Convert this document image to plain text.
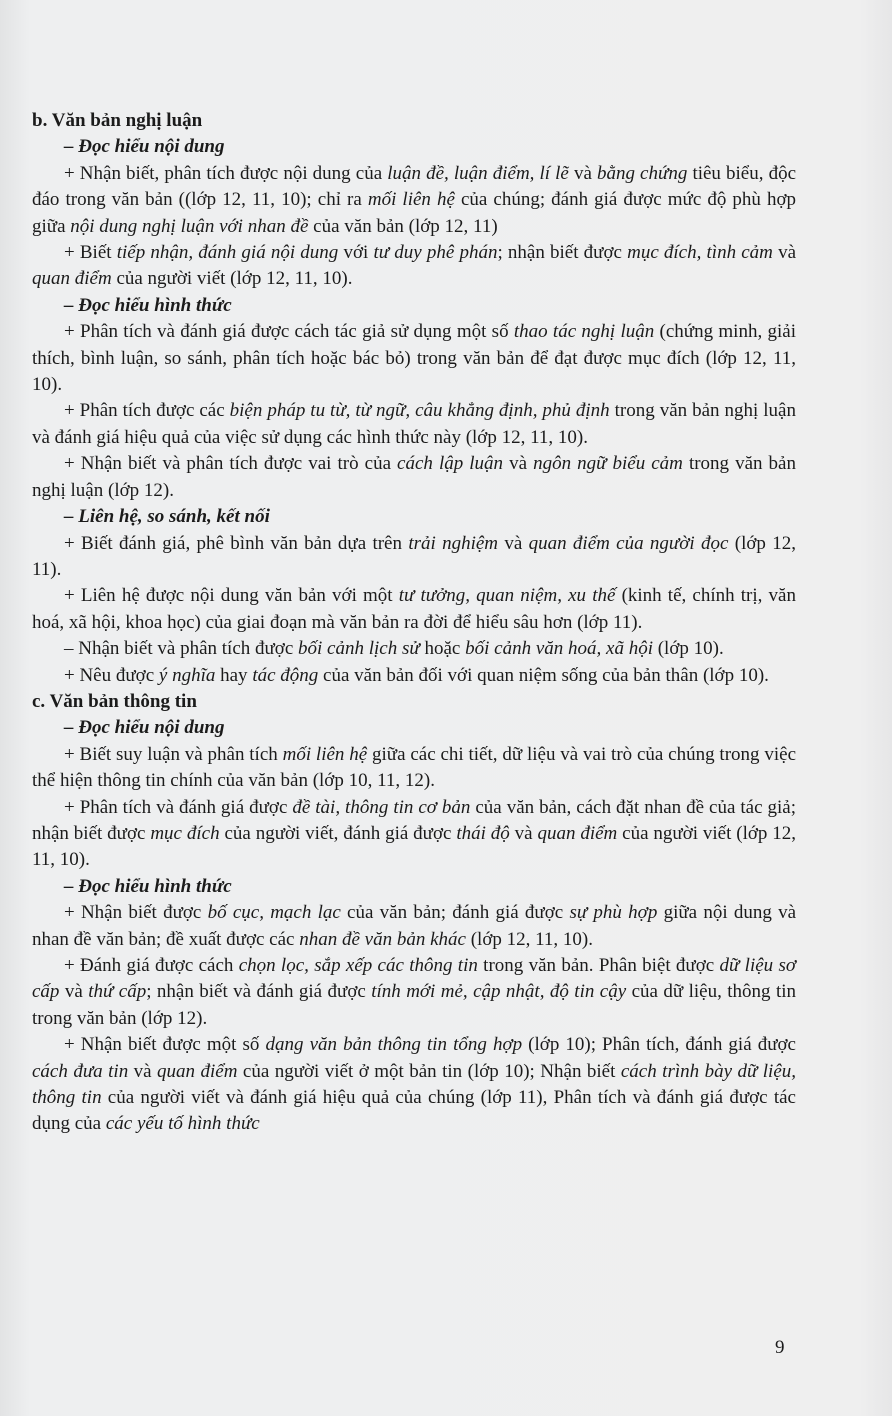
b. Văn bản nghị luận
– Đọc hiểu nội dung
+ Nhận biết, phân tích được nội dung của luận đề, luận điểm, lí lẽ và bằng chứng tiêu biểu, độc đáo trong văn bản ((lớp 12, 11, 10); chỉ ra mối liên hệ của chúng; đánh giá được mức độ phù hợp giữa nội dung nghị luận với nhan đề của văn bản (lớp 12, 11)
+ Biết tiếp nhận, đánh giá nội dung với tư duy phê phán; nhận biết được mục đích, tình cảm và quan điểm của người viết (lớp 12, 11, 10).
– Đọc hiểu hình thức
+ Phân tích và đánh giá được cách tác giả sử dụng một số thao tác nghị luận (chứng minh, giải thích, bình luận, so sánh, phân tích hoặc bác bỏ) trong văn bản để đạt được mục đích (lớp 12, 11, 10).
+ Phân tích được các biện pháp tu từ, từ ngữ, câu khẳng định, phủ định trong văn bản nghị luận và đánh giá hiệu quả của việc sử dụng các hình thức này (lớp 12, 11, 10).
+ Nhận biết và phân tích được vai trò của cách lập luận và ngôn ngữ biểu cảm trong văn bản nghị luận (lớp 12).
– Liên hệ, so sánh, kết nối
+ Biết đánh giá, phê bình văn bản dựa trên trải nghiệm và quan điểm của người đọc (lớp 12, 11).
+ Liên hệ được nội dung văn bản với một tư tưởng, quan niệm, xu thế (kinh tế, chính trị, văn hoá, xã hội, khoa học) của giai đoạn mà văn bản ra đời để hiểu sâu hơn (lớp 11).
– Nhận biết và phân tích được bối cảnh lịch sử hoặc bối cảnh văn hoá, xã hội (lớp 10).
+ Nêu được ý nghĩa hay tác động của văn bản đối với quan niệm sống của bản thân (lớp 10).
c. Văn bản thông tin
– Đọc hiểu nội dung
+ Biết suy luận và phân tích mối liên hệ giữa các chi tiết, dữ liệu và vai trò của chúng trong việc thể hiện thông tin chính của văn bản (lớp 10, 11, 12).
+ Phân tích và đánh giá được đề tài, thông tin cơ bản của văn bản, cách đặt nhan đề của tác giả; nhận biết được mục đích của người viết, đánh giá được thái độ và quan điểm của người viết (lớp 12, 11, 10).
– Đọc hiểu hình thức
+ Nhận biết được bố cục, mạch lạc của văn bản; đánh giá được sự phù hợp giữa nội dung và nhan đề văn bản; đề xuất được các nhan đề văn bản khác (lớp 12, 11, 10).
+ Đánh giá được cách chọn lọc, sắp xếp các thông tin trong văn bản. Phân biệt được dữ liệu sơ cấp và thứ cấp; nhận biết và đánh giá được tính mới mẻ, cập nhật, độ tin cậy của dữ liệu, thông tin trong văn bản (lớp 12).
+ Nhận biết được một số dạng văn bản thông tin tổng hợp (lớp 10); Phân tích, đánh giá được cách đưa tin và quan điểm của người viết ở một bản tin (lớp 10); Nhận biết cách trình bày dữ liệu, thông tin của người viết và đánh giá hiệu quả của chúng (lớp 11), Phân tích và đánh giá được tác dụng của các yếu tố hình thức
9
